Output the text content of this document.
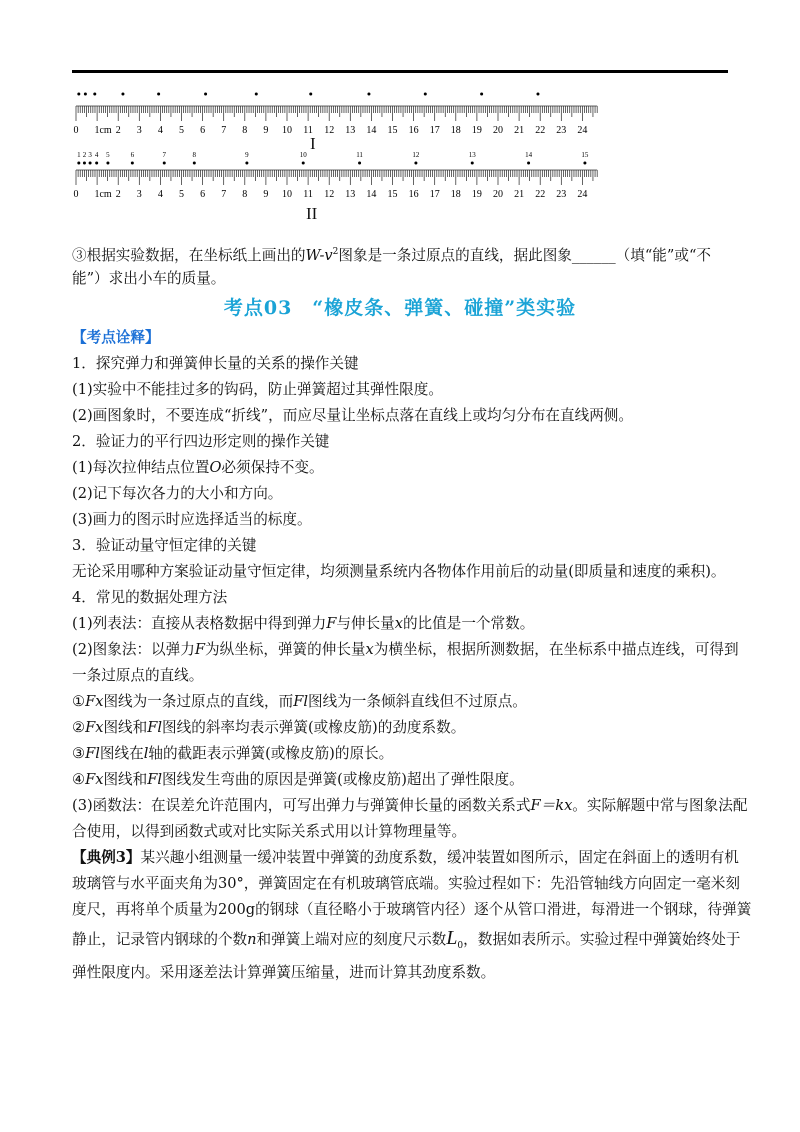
0 1cm 2 3 4 5 6 7 8 9 10 11 12 13 14 15 16 17 18 19 20 21 22 23 24
I
0 1cm 2 3 4 5 6 7 8 9 10 11 12 13 14 15 16 17 18 19 20 21 22 23 24
1 2 3 4 5	6	7	8	9	10	11	12	13	14	15
II

③根据实验数据，在坐标纸上画出的$W-v^2$图象是一条过原点的直线，据此图象______（填“能”或“不

能”）求出小车的质量。

考点03　“橡皮条、弹簧、碰撞”类实验

【考点诠释】

1．探究弹力和弹簧伸长量的关系的操作关键

(1)实验中不能挂过多的钩码，防止弹簧超过其弹性限度。

(2)画图象时，不要连成“折线”，而应尽量让坐标点落在直线上或均匀分布在直线两侧。

2．验证力的平行四边形定则的操作关键

(1)每次拉伸结点位置O必须保持不变。

(2)记下每次各力的大小和方向。

(3)画力的图示时应选择适当的标度。

3．验证动量守恒定律的关键

无论采用哪种方案验证动量守恒定律，均须测量系统内各物体作用前后的动量(即质量和速度的乘积)。

4．常见的数据处理方法

(1)列表法：直接从表格数据中得到弹力F与伸长量x的比值是一个常数。

(2)图象法：以弹力F为纵坐标，弹簧的伸长量x为横坐标，根据所测数据，在坐标系中描点连线，可得到

一条过原点的直线。

①Fx图线为一条过原点的直线，而Fl图线为一条倾斜直线但不过原点。

②Fx图线和Fl图线的斜率均表示弹簧(或橡皮筋)的劲度系数。

③Fl图线在l轴的截距表示弹簧(或橡皮筋)的原长。

④Fx图线和Fl图线发生弯曲的原因是弹簧(或橡皮筋)超出了弹性限度。

(3)函数法：在误差允许范围内，可写出弹力与弹簧伸长量的函数关系式F＝kx。实际解题中常与图象法配

合使用，以得到函数式或对比实际关系式用以计算物理量等。

【典例3】某兴趣小组测量一缓冲装置中弹簧的劲度系数，缓冲装置如图所示，固定在斜面上的透明有机

玻璃管与水平面夹角为30°，弹簧固定在有机玻璃管底端。实验过程如下：先沿管轴线方向固定一毫米刻

度尺，再将单个质量为200g的钢球（直径略小于玻璃管内径）逐个从管口滑进，每滑进一个钢球，待弹簧

静止，记录管内钢球的个数n和弹簧上端对应的刻度尺示数$L_0$，数据如表所示。实验过程中弹簧始终处于

弹性限度内。采用逐差法计算弹簧压缩量，进而计算其劲度系数。
